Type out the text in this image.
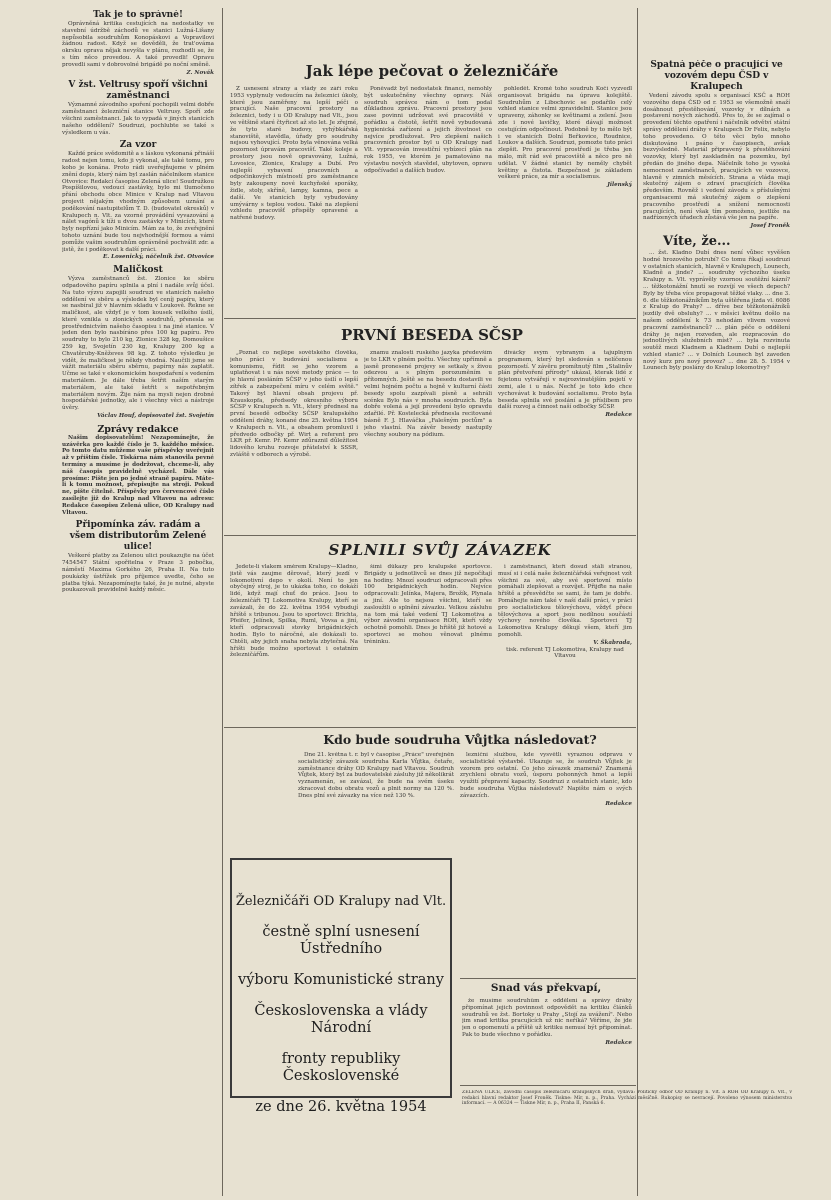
Tak je to správné!

Oprávněná kritika cestujících na nedostatky ve stavební údržbě záchodů ve stanici Lužná-Lišany nepůsobila soudruhům Konopáskovi a Vopravilovi žádnou radost. Když se dověděli, že trat'ováma okrsku oprava nějak nevyšla v plánu, rozhodli se, že s tím něco provedou. A také provedli! Opravu provedli sami v dobrovolné brigádě po noční směně.

Z. Novák
V žst. Veltrusy spoří všichni zaměstnanci

Významné závodního spoření pochopili velmi dobře zaměstnanci železniční stanice Veltrusy. Spoří zde všichni zaměstnanci. Jak to vypadá v jiných stanicích našeho oddělení? Soudruzi, pochlubte se také s výsledkem u vás.

Za vzor

Každé práce svědomitě a s láskou vykonaná přináší radost nejen tomu, kdo ji vykonal, ale také tomu, pro koho je konána. Proto rádi uveřejňujeme v plném znění dopis, který nám byl zaslán náčelníkem stanice Otvovice: Redakci časopisu Zelená ulice! Soudružkou Pospíšilovou, vedoucí zastávky, bylo mi tlumočeno přání obchodu obce Minice v Kralup nad Vltavou projevit nějakým vhodným způsobem uznání a poděkování nastupitelům T. D. (budovatel okresků) v Kralupech n. Vlt. za vzorné provádění vyvazování a nálet vagónů k tíži u dvou zastávky v Minicích, které byly nepřízní jako Minicím. Mám za to, že zveřejnění tohoto uznání bude tou nejvhodnější formou a vámi pomůže vašim soudruhům oprávněně pochválit zdr. a jistě, že i poděkovat k další práci.

E. Losenický, náčelník žst. Otvovice
Maličkost

Výzva zaměstnanců žst. Zlonice ke sběru odpadového papíru splnila a plní i nadále svůj účel. Na tuto výzvu zapojili soudruzi ve stanicích našeho oddělení ve sběru a výsledek byl ceníj papíru, který se nasbíral již v hlavním skladu v Loukově. Řekne se maličkost, ale vždyť je v tom kousek velkého úsilí, které vznikla u zlonických soudruhů, přenesla se prostřednictvím našeho časopisu i na jiné stanice. V jeden den bylo nasbíráno přes 100 kg papíru. Pro soudruhy to bylo 210 kg, Zlonice 328 kg, Domoušice 259 kg, Svojetín 230 kg, Kralupy 200 kg a Chvatěruby-Kněževes 98 kg. Z tohoto výsledku je vidět, že maličkost je někdy vhodná. Naučili jsme se vážit materiálu sběru sběrnu, papírny nás zaplatit. Učme se také v ekonomickém hospodaření s vedením materiálem. Je dále třeba šetřit naším starým materiálem, ale také šetřit s nepotřebným materiálem novým. Žije nám na mysli nejen drobné hospodářské jednotky, ale i všechny věci a nástroje úvěry.

Václav Houf, dopisovatel žst. Svojetín
Zprávy redakce

Našim dopisovatelům! Nezapomínejte, že uzávěrka pro každé číslo je 5. každého měsíce. Po tomto datu můžeme vaše příspěvky uveřejnit až v příštím čísle. Tiskárna nám stanovila pevné termíny a musíme je dodržovat, chceme-li, aby náš časopis pravidelně vycházel. Dále vás prosíme: Pište jen po jedné straně papíru. Máte-li k tomu možnost, přepisujte na stroji. Pokud ne, pište čitelně. Příspěvky pro červencové číslo zasílejte již do Kralup nad Vltavou na adresu: Redakce časopisu Zelená ulice, OD Kralupy nad Vltavou.

Připomínka záv. radám a všem distributorům Zelené ulice!

Veškeré platby za Zelenou ulici poukazujte na účet 7454547 Státní spořitelna v Praze 3 pobočka, náměstí Maxima Gorkého 26, Praha II. Na tuto poukázky ústřížek pro příjemce uvedte, čeho se platba týká. Nezapomínejte také, že je nutné, abyste poukazovali pravidelně každý měsíc.

Jak lépe pečovat o železničáře

Z usnesení strany a vlády ze září roku 1953 vyplynuly vedoucím na železnici úkoly, které jsou zaměřeny na lepší péči o pracující. Naše pracovní prostory na železnici, tedy i u OD Kralupy nad Vlt., jsou ve většině staré čtyřicet až sto let. Je zřejmé, že tyto staré budovy, vyhýbkářská stanoviště, stavědla, úřady pro soudruhy nejsou vyhovující. Proto byla věnována velká pozornost úpravám pracovišť. Také koleje a prostory jsou nově opravovány, Lužná, Lovosice, Zlonice, Kralupy a Dubí. Pro nejlepší vybavení pracovních a odpočinkových místností pro zaměstnance byly zakoupeny nové kuchyňské sporáky, židle, stoly, skříně, lampy, kamna, pece a další. Ve stanicích byly vybudovány umývárny s teplou vodou. Také na zlepšení vzhledu pracovišť přispěly opravené a natřené budovy.

Poněvadž byl nedostatek financí, nemohly být uskutečněny všechny opravy. Náš soudruh správce nám o tom podal důkladnou zprávu. Pracovní prostory jsou zase povinni udržovat své pracoviště v pořádku a čistotě, šetřit nově vybudovaná hygienická zařízení a jejich životnost co nejvíce prodlužovat. Pro zlepšení našich pracovních prostor byl u OD Kralupy nad Vlt. vypracován investiční vybízecí plán na rok 1955, ve kterém je pamatováno na výstavbu nových stavědel, ubytoven, opravu odpočívadel a dalších budov.

pohledět. Kromě toho soudruh Kočí vyzvedl organisovat brigádu na úpravu kolejiště. Soudruhům z Libochovic se podařilo celý vzhled stanice velmi zpravidelnit. Stanice jsou upraveny, záhonky se květinami a zelení. Jsou zde i nové lavičky, které dávají možnost cestujícím odpočinout. Podobně by to mělo být i ve stanicích Dolní Beřkovice, Roudnice, Loukov a dalších. Soudruzi, pomozte tuto práci zlepšit. Pro pracovní prostředí je třeba jen málo, mít rád své pracoviště a něco pro ně udělat. V žádné stanici by neměly chybět květiny a čistota. Bezpečnost je základem veškeré práce, za mír a socialismus.

Jilenský
Špatná péče o pracující ve vozovém depu ČSD v Kralupech

Vedení závodu spolu s organisací KSČ a ROH vozového depa ČSD od r. 1953 se všemožně snaží dosáhnout přestěhování vozovky v dílnách a postavení nových záchodů. Přes to, že se zajímal o provedení těchto opatření i náčelník odvětví státní správy oddělení dráhy v Kralupech Dr Felix, nebylo toho provedeno. O této věci bylo mnoho diskutováno i psáno v časopisech, avšak bezvýsledně. Materiál připravený k přestěhování vozovky, který byl zaskladněn na pozemku, byl předán do jiného depa. Náčelník toho je vysoká nemocnost zaměstnanců, pracujících ve vozovce, hlavně v zimních měsících. Strana a vláda mají skutečný zájem o zdraví pracujících člověka především. Rovněž i vedení závodu s příslušnými organisacemi má skutečný zájem o zlepšení pracovního prostředí a snížení nemocnosti pracujících, není však tím pomoženo, jestliže na nadřízených úřadech zůstává vše jen na papíře.

Josef Froněk
Víte, že...

... žst. Kladno Dubí dnes není vůbec vyvěšen hodné hrozového potrubí? Co tomu říkají soudruzi v ostatních stanicích, hlavně v Kralupech, Lounech, Kladně a jinde? ... soudruhy výchozího úseku Kralupy n. Vlt. vyprávěly vzornou soutěžní kázní? ... těžkotonážní hnutí se rozvíjí ve všech depech? Byly by třeba více propagovat těžké vlaky. ... dne 3. 6. dle těžkotonážníkům byla uštěřena jízda vl. 6086 z Kralup do Prahy? ... dříve bez těžkotonážníků jezdily dvě obsluhy? ... v měsíci květnu došlo na našem oddělení k 73 nehodám vlivem vozové pracovní zaměstnanců? ... plán péče o oddělení dráhy je nejen rozveden, ale rozpracován do jednotlivých služebních míst? ... byla rozvinuta soutěž mezi Kladnem a Kladnem Dubí o nejlepší vzhled stanic? ... v Dolních Lounech byl zaveden nový kurz pro nový provoz? ... dne 28. 5. 1954 v Lounech byly poslány do Kralup lokomotivy?

PRVNÍ BESEDA SČSP

„Poznat co nejlépe sovětského člověka, jeho práci v budování socialismu a komunismu, řídit se jeho vzorem a uplatňovat i u nás nové metody práce — to je hlavní posláním SČSP v jeho úsilí o lepší zítřek a zabezpečení míru v celém světě." Takový byl hlavní obsah projevu př. Krauskopfa, předsedy okresního výboru SČSP v Kralupech n. Vlt., který přednesl na první besedě odbočky SČSP kralupského oddělení dráhy, konané dne 25. května 1954 v Kralupech n. Vlt., a obsahem promluvil i předvedo odbočky př. Wirt a referent pro LKR př. Kemr. Př. Kemr zdůraznil důležitost lidového kruhu rozvoje přátelství k SSSR, zvláště v odborech a výrobě.

znamu znalosti ruského jazyka především je to LKR v plném počtu. Všechny upřímně a jasně pronesené projevy se setkaly s živou odezvou a s plným porozuměním u přítomných. Ještě se na besedu dostavili ve velmi hojném počtu a hojně v kulturní části besedy spolu zazpívali písně a sehráli scénku Bylo nás v mnoha soudruzích. Byla dobře volená a její provedení bylo opravdu zdařilé. Př. Kostelecká přednesla recitované básně F. J. Hlaváčka „Falešným poctům" a jeho vlastní. Na závěr besedy nastupily všechny soubory na pódium.

divácky svým vybraným a tajuplným programem, který byl sledován s nelíčenou pozorností. V závěru promítnutý film „Stalinův plán přetvoření přírody" ukázal, kterak lidé z fejetonu vytvářejí v nejrozvinutějším pojetí v zemi, ale i u nás. Nechť je toto kdo chce vychovávat k budování socialismu. Proto byla beseda splnila své poslání a je příslibem pro další rozvoj a činnost naší odbočky SČSP.

Redakce
SPLNILI SVŮJ ZÁVAZEK

Jedete-li vlakem směrem Kralupy—Kladno, jistě vás zaujme děrovač, který jezdí v lokomotivní depo v okolí. Není to jen obyčejný stroj, je to ukázka toho, co dokáží lidé, když mají chuť do práce. Jsou to železničáři TJ Lokomotiva Kralupy, kteří se zavázali, že do 22. května 1954 vybudují hřiště s tribunou. Jsou to sportovci: Brichta, Pfeifer, Jelínek, Spilka, Ruml, Vovsa a jiní, kteří odpracovali stovky brigádnických hodin. Bylo to náročné, ale dokázali to. Chtěli, aby jejich snaha nebyla zbytečná. Na hřišti bude možno sportovat i ostatním železničářům.

šími důkazy pro kralupské sportovce. Brigády u jednotlivců se dnes již nepočítají na hodiny. Mnozí soudruzi odpracovali přes 100 brigádnických hodin. Nejvíce odpracovali: Jelínka, Majera, Brožík, Plynala a jiní. Ale to nejsou všichni, kteří se zasloužili o splnění závazku. Velkou zásluhu na tom má také vedení TJ Lokomotiva a výbor závodní organisace ROH, kteří vždy ochotně pomohli. Dnes je hřiště již hotové a sportovci se mohou věnovat plnému tréninku.

i zaměstnanci, kteří dosud stáli stranou, musí si i celá naše železničářská veřejnost vzít všichni za své, aby své sportovní místo pomáhali zlepšovat a rozvíjet. Přijďte na naše hřiště a přesvědčte se sami, že tam je dobře. Pomáhejte nám také v naší další práci, v práci pro socialistickou tělovýchovu, vždyť přece tělovýchova a sport jsou nedílnou součástí výchovy nového člověka. Sportovci TJ Lokomotiva Kralupy děkují všem, kteří jim pomohli.

V. Škabrada,
tisk. referent TJ Lokomotiva, Kralupy nad Vltavou
Kdo bude soudruha Vůjtka následovat?

Dne 21. května t. r. byl v časopise „Práce" uveřejněn socialistický závazek soudruha Karla Vůjtka, četaře, zaměstnance dráhy OD Kralupy nad Vltavou. Soudruh Vůjtek, který byl za budovatelské zásluhy již několikrát vyznamenán, se zavázal, že bude na svém úseku zkracovat dobu obratu vozů a plnit normy na 120 %. Dnes plní své závazky na více než 130 %.

lezniční službou, kde vysvětlí výraznou odpravu v socialistické výstavbě. Ukazuje se, že soudruh Vůjtek je vzorem pro ostatní. Co jeho závazek znamená? Znamená zrychlení obratu vozů, úsporu pohonných hmot a lepší využití přepravní kapacity. Soudruzi z ostatních stanic, kdo bude soudruha Vůjtka následovat? Napište nám o svých závazcích.

Redakce
Železničáři OD Kralupy nad Vlt.
čestně splní usnesení Ústředního
výboru Komunistické strany
Československa a vlády Národní
fronty republiky Československé
ze dne 26. května 1954
Snad vás překvapí,

že musíme soudruhům z oddělení a správy dráhy připomínat jejich povinnost odpovědět na kritiku článků soudruhů ve žst. Bortoky u Prahy „Stojí za uvážení". Nebo jim snad kritika pracujících už nic neříká? Věříme, že jde jen o opomenutí a příště už kritiku nemusí být připomínat. Pak to bude všechno v pořádku.

Redakce

ZELENÁ ULICE, závodní časopis železničářů kralupských drah, vydává: Politický odbor OD Kralupy n. Vlt. a ROH OD Kralupy n. Vlt., v redakci hlavní redaktor Josef Froněk. Tiskne: Mír, n. p., Praha. Vychází měsíčně. Rukopisy se nevracejí. Povoleno výnosem ministerstva informací. — A 06324 — Tiskne Mír, n. p., Praha II, Panská 6.
